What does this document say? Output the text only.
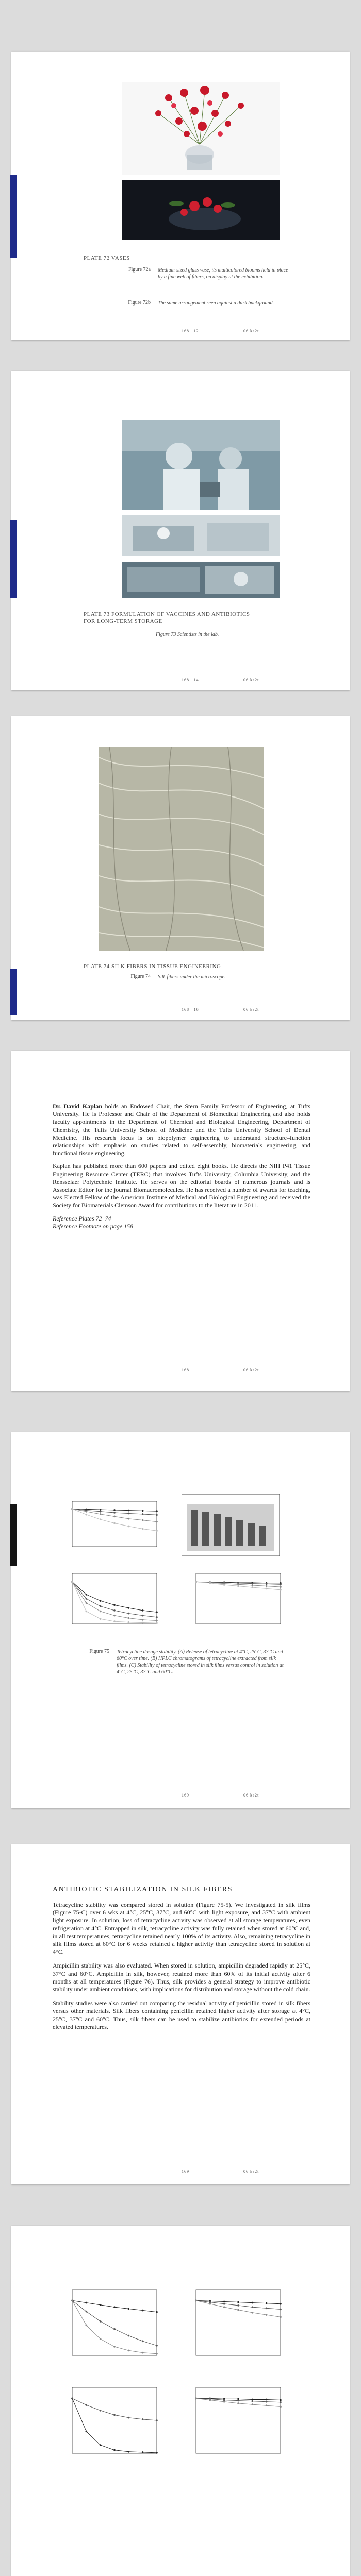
PLATE 72 VASES
Figure 72a Medium-sized glass vase, its multicolored blooms held in place by a fine web of fibers, on display at the exhibition.
Figure 72b The same arrangement seen against a dark background.
168 | 12	06 ks2t
PLATE 73 FORMULATION OF VACCINES AND ANTIBIOTICS FOR LONG-TERM STORAGE
Figure 73 Scientists in the lab.
168 | 14	06 ks2t
PLATE 74 SILK FIBERS IN TISSUE ENGINEERING
Figure 74 Silk fibers under the microscope.
168 | 16	06 ks2t

Dr. David Kaplan holds an Endowed Chair, the Stern Family Professor of Engineering, at Tufts University. He is Professor and Chair of the Department of Biomedical Engineering and also holds faculty appointments in the Department of Chemical and Biological Engineering, Department of Chemistry, the Tufts University School of Medicine and the Tufts University School of Dental Medicine. His research focus is on biopolymer engineering to understand structure–function relationships with emphasis on studies related to self-assembly, biomaterials engineering, and functional tissue engineering.

Kaplan has published more than 600 papers and edited eight books. He directs the NIH P41 Tissue Engineering Resource Center (TERC) that involves Tufts University, Columbia University, and the Rensselaer Polytechnic Institute. He serves on the editorial boards of numerous journals and is Associate Editor for the journal Biomacromolecules. He has received a number of awards for teaching, was Elected Fellow of the American Institute of Medical and Biological Engineering and received the Society for Biomaterials Clemson Award for contributions to the literature in 2011.

Reference Plates 72–74

Reference Footnote on page 158

168	06 ks2t
Figure 75 Tetracycline dosage stability. (A) Release of tetracycline at 4°C, 25°C, 37°C and 60°C over time. (B) HPLC chromatograms of tetracycline extracted from silk films. (C) Stability of tetracycline stored in silk films versus control in solution at 4°C, 25°C, 37°C and 60°C.
169	06 ks2t
ANTIBIOTIC STABILIZATION IN SILK FIBERS

Tetracycline stability was compared stored in solution (Figure 75-5). We investigated in silk films (Figure 75-C) over 6 wks at 4°C, 25°C, 37°C, and 60°C with light exposure, and 37°C with ambient light exposure. In solution, loss of tetracycline activity was observed at all storage temperatures, even refrigeration at 4°C. Entrapped in silk, tetracycline activity was fully retained when stored at 60°C and, in all test temperatures, tetracycline retained nearly 100% of its activity. Also, remaining tetracycline in silk films stored at 60°C for 6 weeks retained a higher activity than tetracycline stored in solution at 4°C.

Ampicillin stability was also evaluated. When stored in solution, ampicillin degraded rapidly at 25°C, 37°C and 60°C. Ampicillin in silk, however, retained more than 60% of its initial activity after 6 months at all temperatures (Figure 76). Thus, silk provides a general strategy to improve antibiotic stability under ambient conditions, with implications for distribution and storage without the cold chain.

Stability studies were also carried out comparing the residual activity of penicillin stored in silk fibers versus other materials. Silk fibers containing penicillin retained higher activity after storage at 4°C, 25°C, 37°C and 60°C. Thus, silk fibers can be used to stabilize antibiotics for extended periods at elevated temperatures.

169	06 ks2t
